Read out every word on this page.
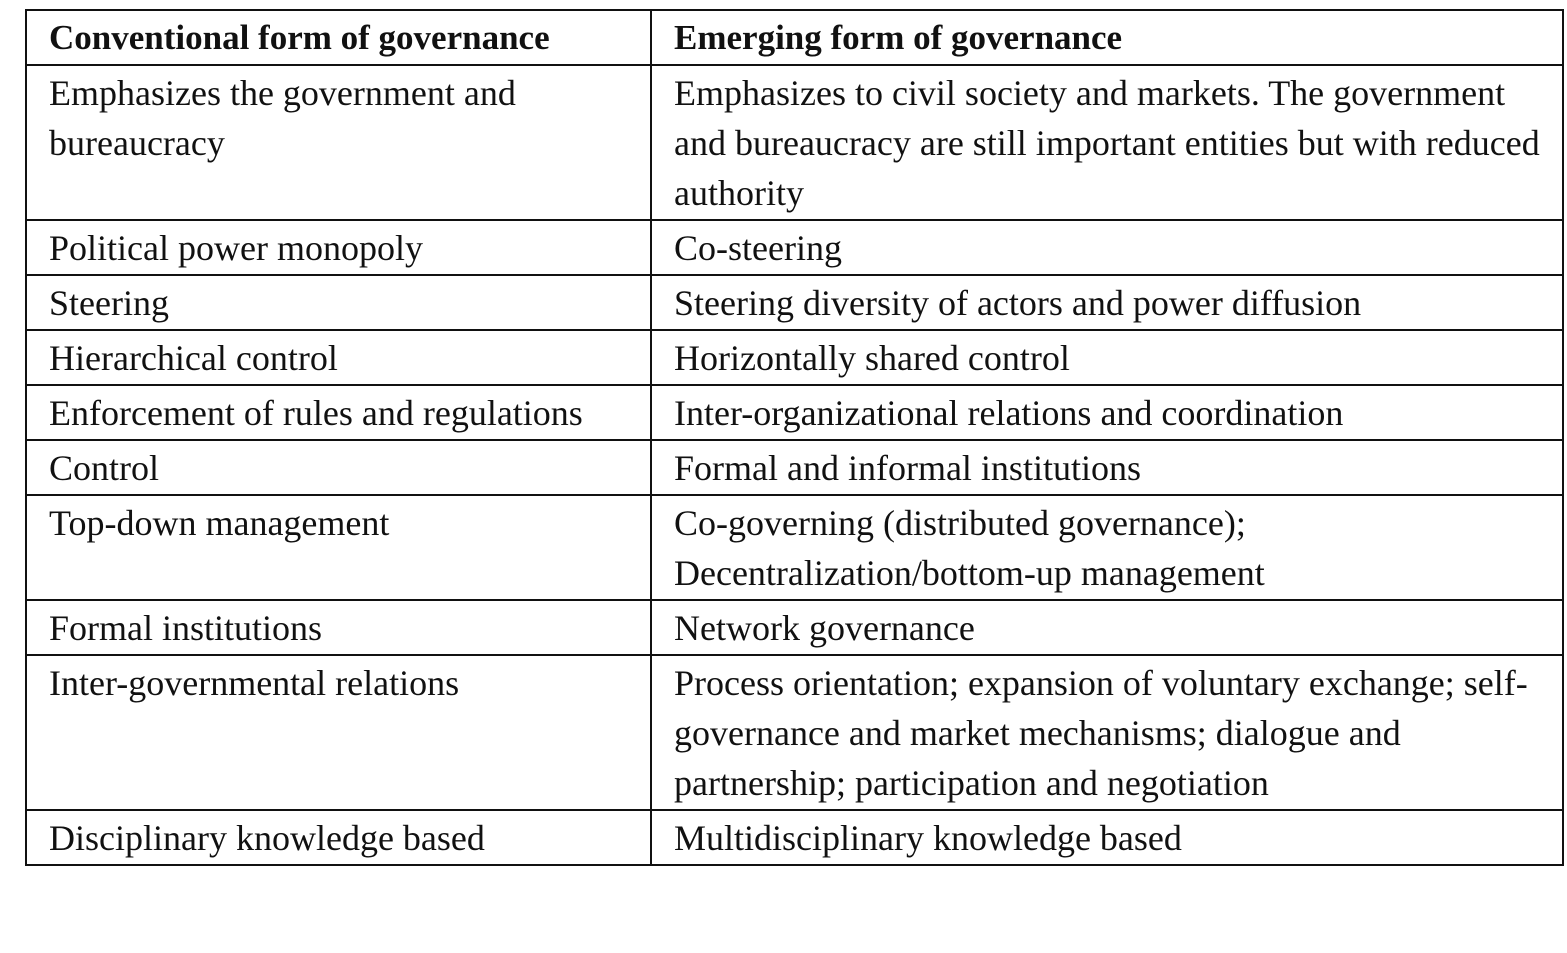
Conventional form of governance	Emerging form of governance
Emphasizes the government and bureaucracy	Emphasizes to civil society and markets. The government and bureaucracy are still important entities but with reduced authority
Political power monopoly	Co-steering
Steering	Steering diversity of actors and power diffusion
Hierarchical control	Horizontally shared control
Enforcement of rules and regulations	Inter-organizational relations and coordination
Control	Formal and informal institutions
Top-down management	Co-governing (distributed governance); Decentralization/bottom-up management
Formal institutions	Network governance
Inter-governmental relations	Process orientation; expansion of voluntary exchange; self-governance and market mechanisms; dialogue and partnership; participation and negotiation
Disciplinary knowledge based	Multidisciplinary knowledge based
